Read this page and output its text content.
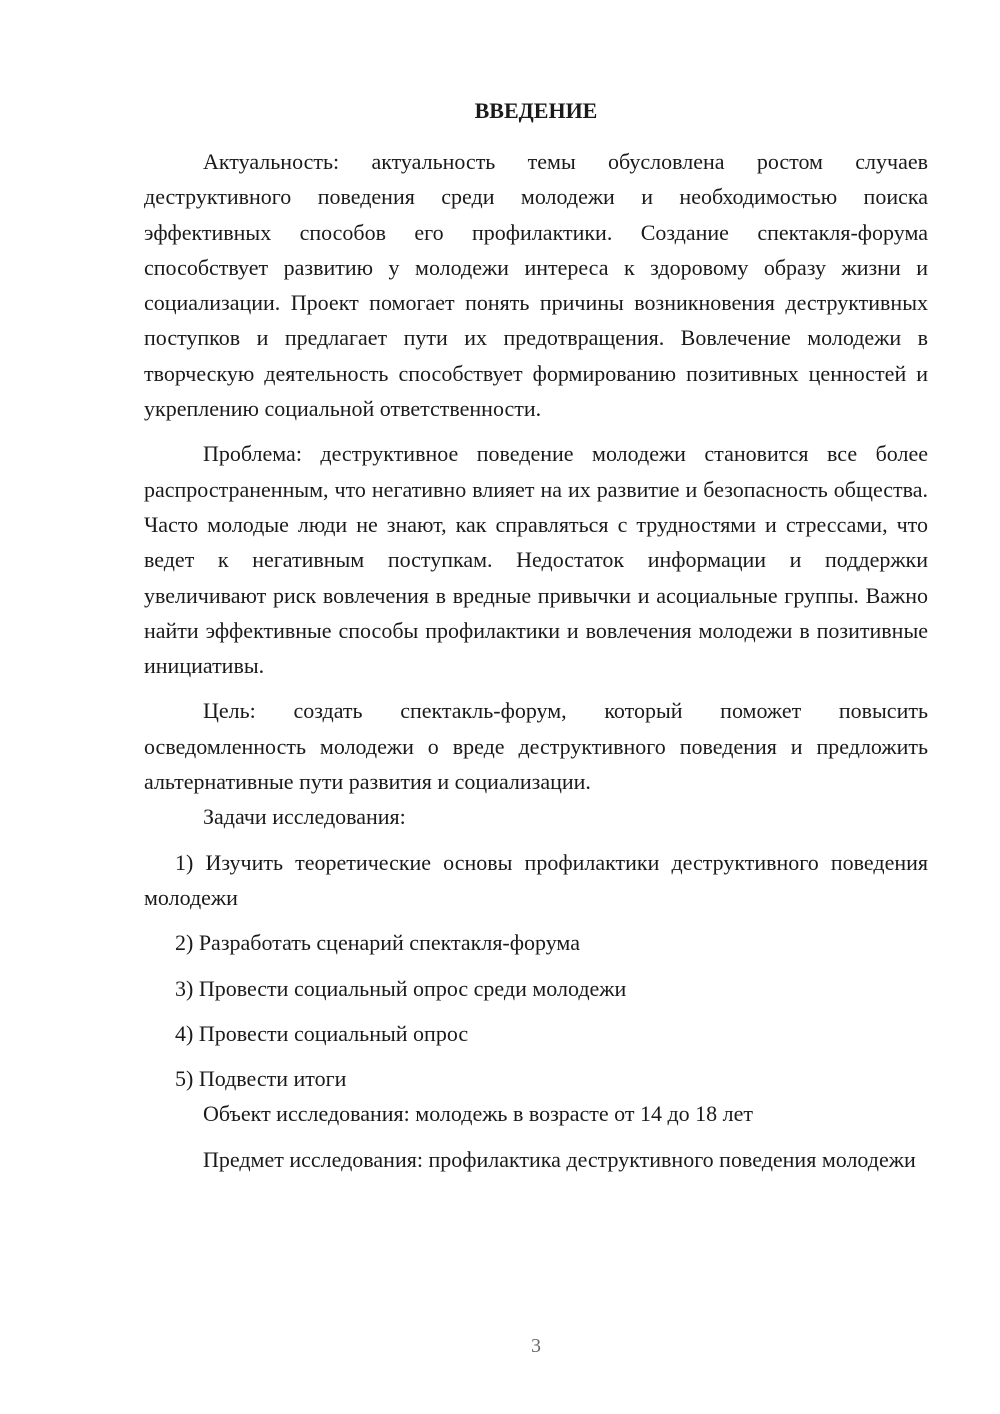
ВВЕДЕНИЕ

Актуальность: актуальность темы обусловлена ростом случаев деструктивного поведения среди молодежи и необходимостью поиска эффективных способов его профилактики. Создание спектакля-форума способствует развитию у молодежи интереса к здоровому образу жизни и социализации. Проект помогает понять причины возникновения деструктивных поступков и предлагает пути их предотвращения. Вовлечение молодежи в творческую деятельность способствует формированию позитивных ценностей и укреплению социальной ответственности.

Проблема: деструктивное поведение молодежи становится все более распространенным, что негативно влияет на их развитие и безопасность общества. Часто молодые люди не знают, как справляться с трудностями и стрессами, что ведет к негативным поступкам. Недостаток информации и поддержки увеличивают риск вовлечения в вредные привычки и асоциальные группы. Важно найти эффективные способы профилактики и вовлечения молодежи в позитивные инициативы.

Цель: создать спектакль-форум, который поможет повысить осведомленность молодежи о вреде деструктивного поведения и предложить альтернативные пути развития и социализации.

Задачи исследования:

1) Изучить теоретические основы профилактики деструктивного поведения молодежи

2) Разработать сценарий спектакля-форума

3) Провести социальный опрос среди молодежи

4) Провести социальный опрос

5) Подвести итоги

Объект исследования: молодежь в возрасте от 14 до 18 лет

Предмет исследования: профилактика деструктивного поведения молодежи

3
